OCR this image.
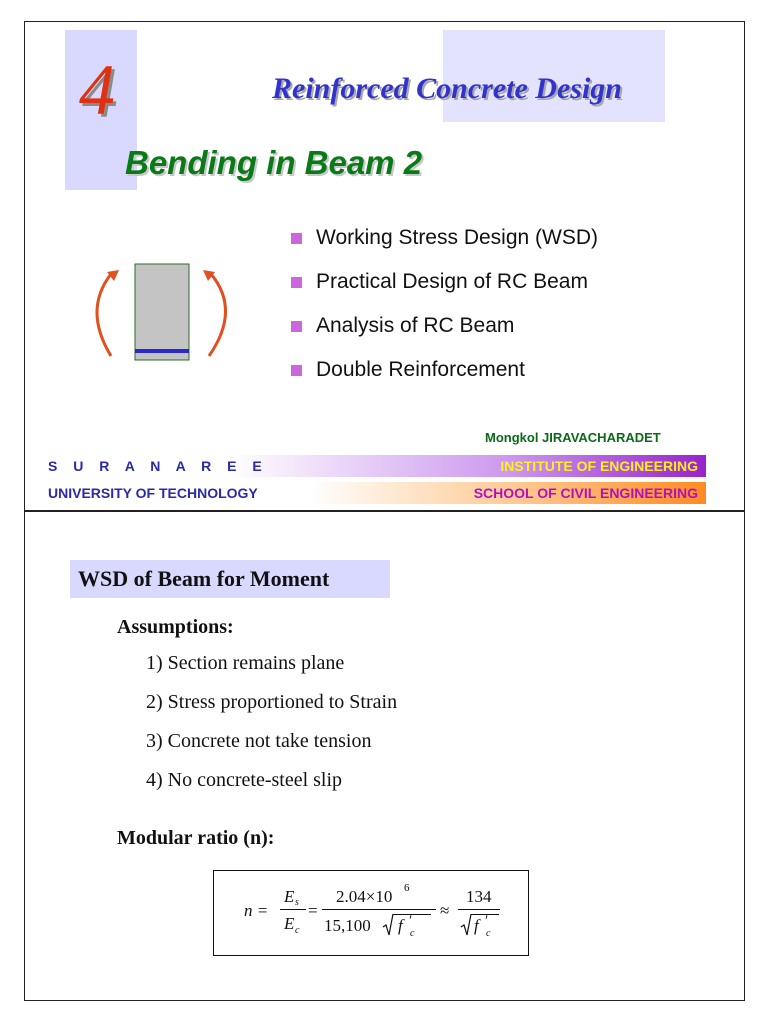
4	Reinforced Concrete Design
Bending in Beam 2
Working Stress Design (WSD)
Practical Design of RC Beam
Analysis of RC Beam
Double Reinforcement
Mongkol JIRAVACHARADET
S U R A N A R E E	INSTITUTE OF ENGINEERING
UNIVERSITY OF TECHNOLOGY	SCHOOL OF CIVIL ENGINEERING
WSD of Beam for Moment
Assumptions:
1) Section remains plane
2) Stress proportioned to Strain
3) Concrete not take tension
4) No concrete-steel slip
Modular ratio (n):
n =
E s
E c
=
2.04×10 6
15,100 f ′
c
≈
134
f ′
c
